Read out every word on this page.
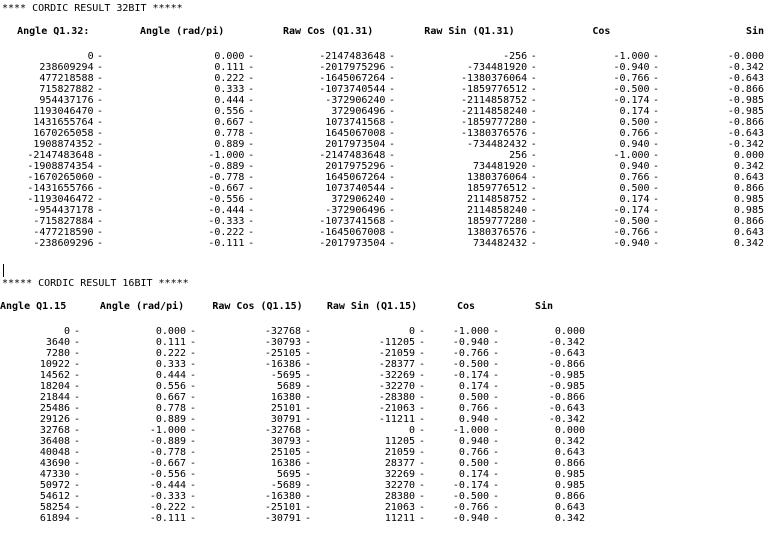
**** CORDIC RESULT 32BIT *****
Angle Q1.32:		Angle (rad/pi)		Raw Cos (Q1.31)		Raw Sin (Q1.31)		Cos		Sin

0	-	0.000	-	-2147483648	-	-256	-	-1.000	-	-0.000
238609294	-	0.111	-	-2017975296	-	-734481920	-	-0.940	-	-0.342
477218588	-	0.222	-	-1645067264	-	-1380376064	-	-0.766	-	-0.643
715827882	-	0.333	-	-1073740544	-	-1859776512	-	-0.500	-	-0.866
954437176	-	0.444	-	-372906240	-	-2114858752	-	-0.174	-	-0.985
1193046470	-	0.556	-	372906496	-	-2114858240	-	0.174	-	-0.985
1431655764	-	0.667	-	1073741568	-	-1859777280	-	0.500	-	-0.866
1670265058	-	0.778	-	1645067008	-	-1380376576	-	0.766	-	-0.643
1908874352	-	0.889	-	2017973504	-	-734482432	-	0.940	-	-0.342
-2147483648	-	-1.000	-	-2147483648	-	256	-	-1.000	-	0.000
-1908874354	-	-0.889	-	2017975296	-	734481920	-	0.940	-	0.342
-1670265060	-	-0.778	-	1645067264	-	1380376064	-	0.766	-	0.643
-1431655766	-	-0.667	-	1073740544	-	1859776512	-	0.500	-	0.866
-1193046472	-	-0.556	-	372906240	-	2114858752	-	0.174	-	0.985
-954437178	-	-0.444	-	-372906496	-	2114858240	-	-0.174	-	0.985
-715827884	-	-0.333	-	-1073741568	-	1859777280	-	-0.500	-	0.866
-477218590	-	-0.222	-	-1645067008	-	1380376576	-	-0.766	-	0.643
-238609296	-	-0.111	-	-2017973504	-	734482432	-	-0.940	-	0.342
***** CORDIC RESULT 16BIT *****
Angle Q1.15		Angle (rad/pi)		Raw Cos (Q1.15)		Raw Sin (Q1.15)		Cos		Sin

0	-	0.000	-	-32768	-	0	-	-1.000	-	0.000
3640	-	0.111	-	-30793	-	-11205	-	-0.940	-	-0.342
7280	-	0.222	-	-25105	-	-21059	-	-0.766	-	-0.643
10922	-	0.333	-	-16386	-	-28377	-	-0.500	-	-0.866
14562	-	0.444	-	-5695	-	-32269	-	-0.174	-	-0.985
18204	-	0.556	-	5689	-	-32270	-	0.174	-	-0.985
21844	-	0.667	-	16380	-	-28380	-	0.500	-	-0.866
25486	-	0.778	-	25101	-	-21063	-	0.766	-	-0.643
29126	-	0.889	-	30791	-	-11211	-	0.940	-	-0.342
32768	-	-1.000	-	-32768	-	0	-	-1.000	-	0.000
36408	-	-0.889	-	30793	-	11205	-	0.940	-	0.342
40048	-	-0.778	-	25105	-	21059	-	0.766	-	0.643
43690	-	-0.667	-	16386	-	28377	-	0.500	-	0.866
47330	-	-0.556	-	5695	-	32269	-	0.174	-	0.985
50972	-	-0.444	-	-5689	-	32270	-	-0.174	-	0.985
54612	-	-0.333	-	-16380	-	28380	-	-0.500	-	0.866
58254	-	-0.222	-	-25101	-	21063	-	-0.766	-	0.643
61894	-	-0.111	-	-30791	-	11211	-	-0.940	-	0.342
